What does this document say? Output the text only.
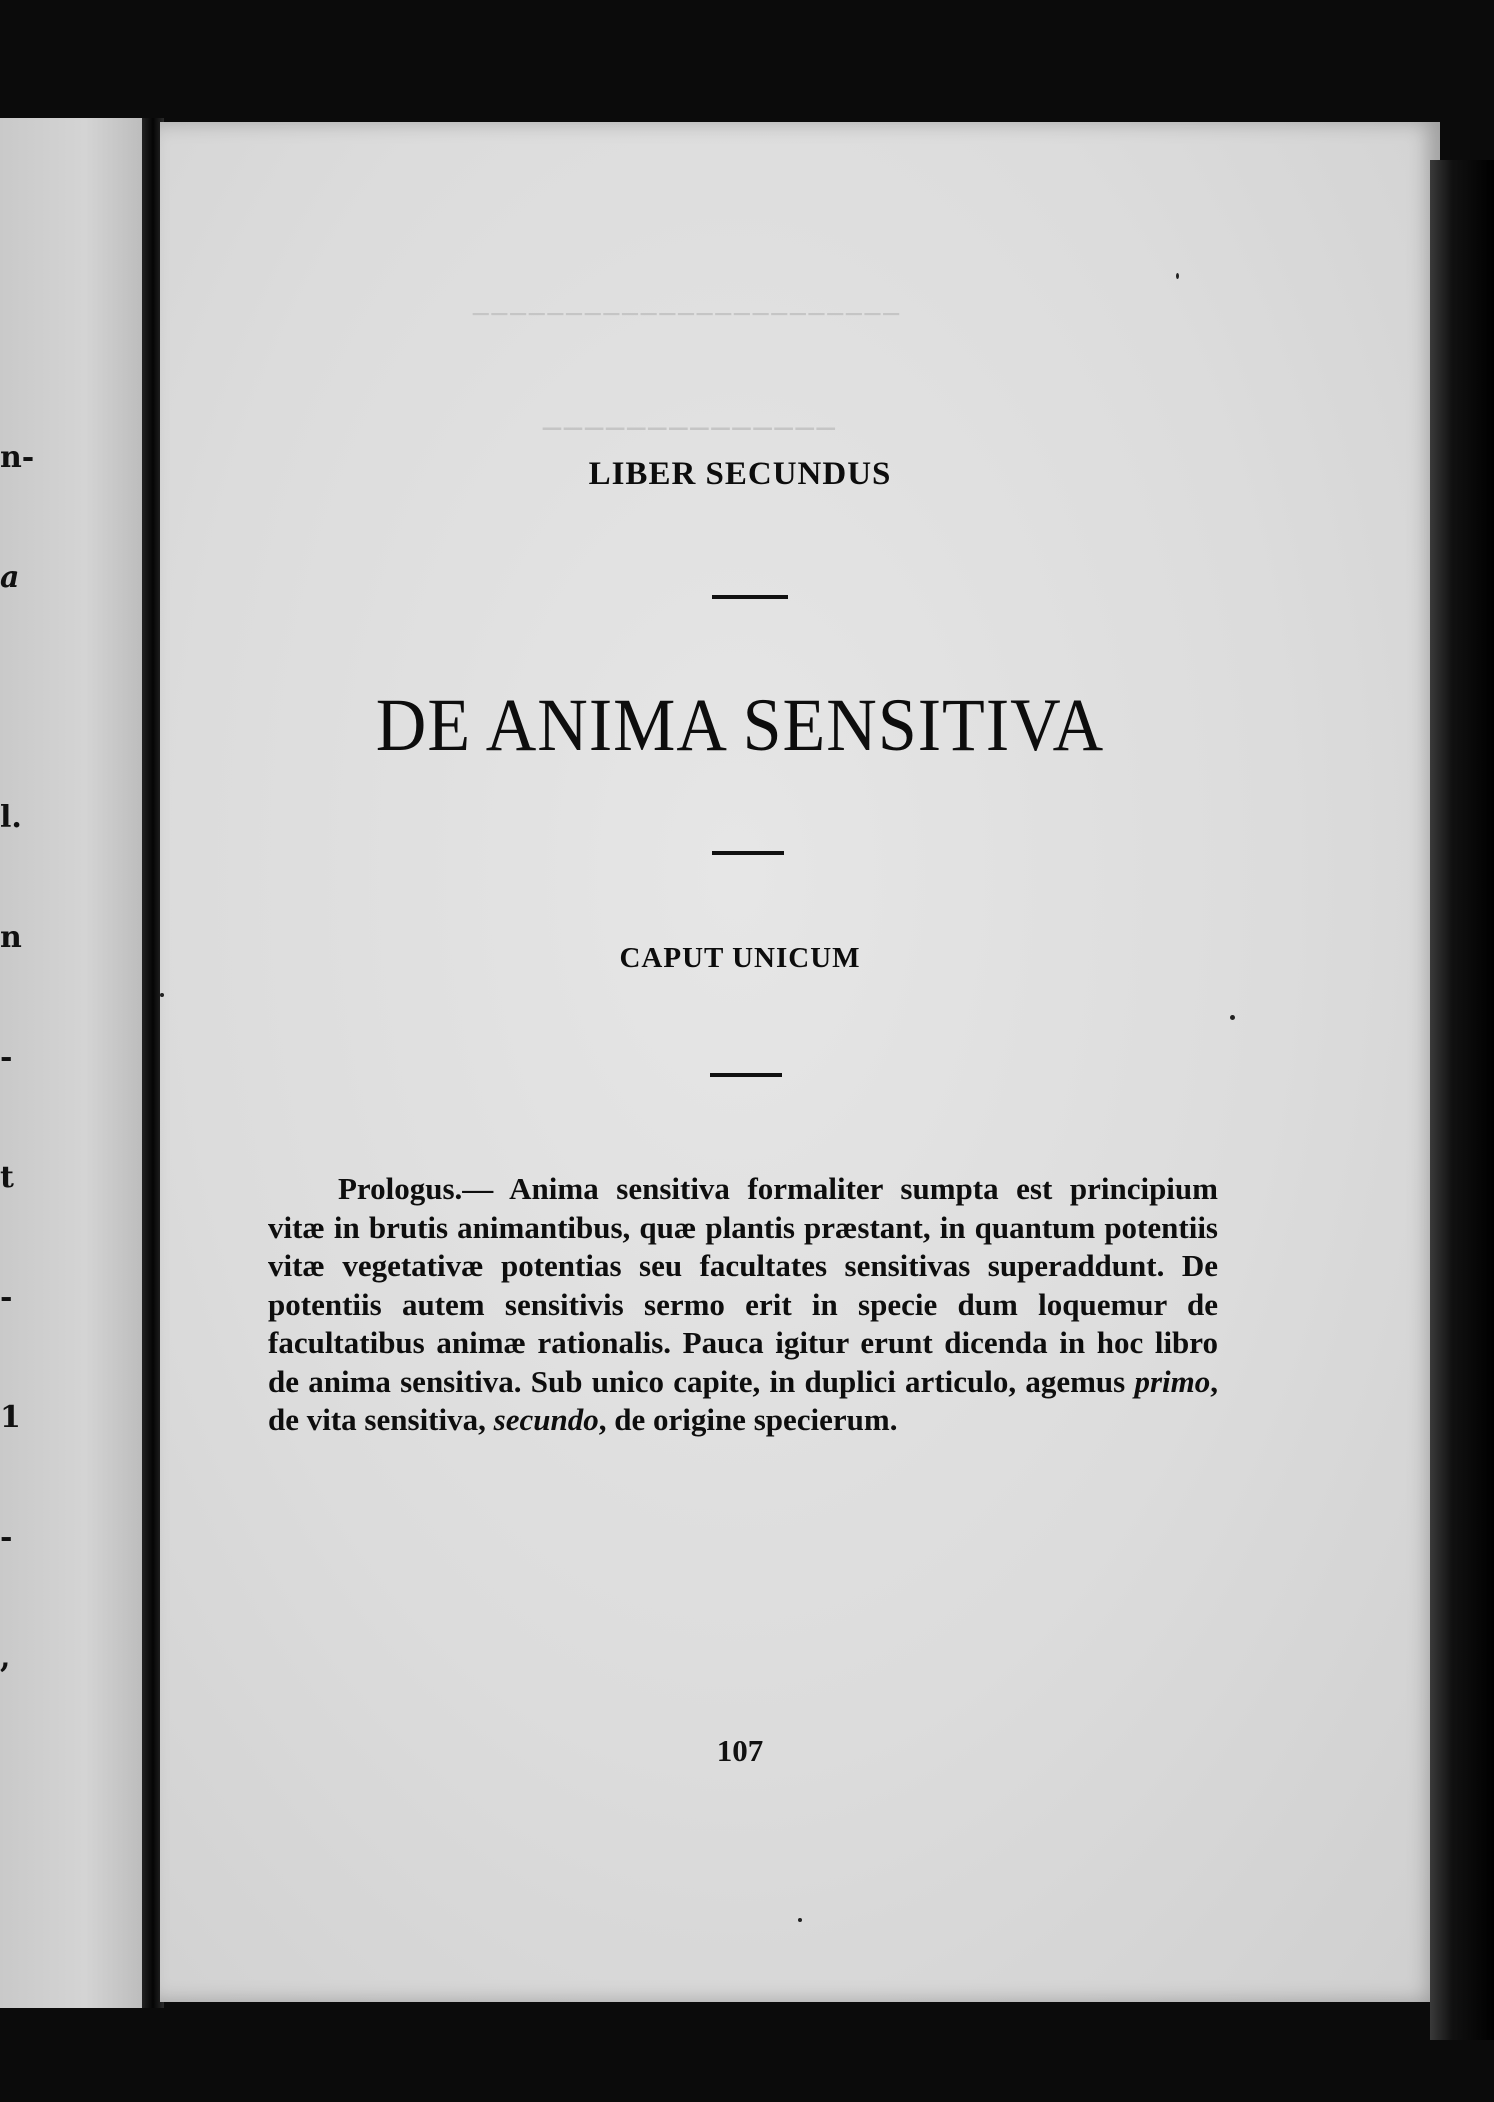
n-

a

l.

n

-

t

-

1

-

,

───────────────────────
──────────────
LIBER SECUNDUS
DE ANIMA SENSITIVA
CAPUT UNICUM
Prologus.— Anima sensitiva formaliter sumpta est principium vitæ in brutis animantibus, quæ plantis præstant, in quantum potentiis vitæ vegetativæ potentias seu facultates sensitivas superaddunt. De potentiis autem sensitivis sermo erit in specie dum loquemur de facultatibus animæ rationalis. Pauca igitur erunt dicenda in hoc libro de anima sensitiva. Sub unico capite, in duplici articulo, agemus primo, de vita sensitiva, secundo, de origine specierum.
107
